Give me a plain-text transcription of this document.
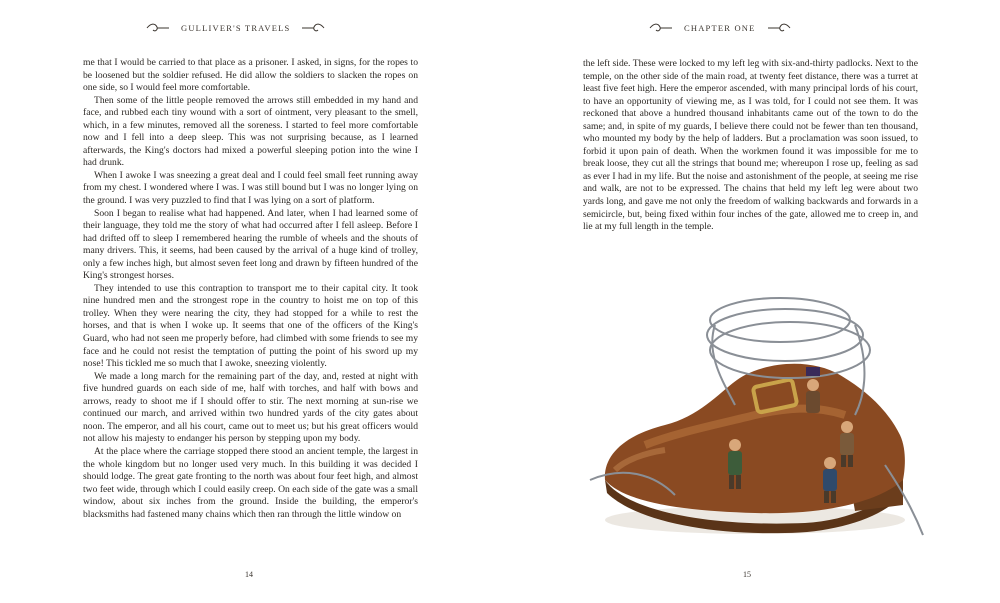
GULLIVER'S TRAVELS

me that I would be carried to that place as a prisoner. I asked, in signs, for the ropes to be loosened but the soldier refused. He did allow the soldiers to slacken the ropes on one side, so I would feel more comfortable.

Then some of the little people removed the arrows still embedded in my hand and face, and rubbed each tiny wound with a sort of ointment, very pleasant to the smell, which, in a few minutes, removed all the soreness. I started to feel more comfortable now and I fell into a deep sleep. This was not surprising because, as I learned afterwards, the King's doctors had mixed a powerful sleeping potion into the wine I had drunk.

When I awoke I was sneezing a great deal and I could feel small feet running away from my chest. I wondered where I was. I was still bound but I was no longer lying on the ground. I was very puzzled to find that I was lying on a sort of platform.

Soon I began to realise what had happened. And later, when I had learned some of their language, they told me the story of what had occurred after I fell asleep. Before I had drifted off to sleep I remembered hearing the rumble of wheels and the shouts of many drivers. This, it seems, had been caused by the arrival of a huge kind of trolley, only a few inches high, but almost seven feet long and drawn by fifteen hundred of the King's strongest horses.

They intended to use this contraption to transport me to their capital city. It took nine hundred men and the strongest rope in the country to hoist me on top of this trolley. When they were nearing the city, they had stopped for a while to rest the horses, and that is when I woke up. It seems that one of the officers of the King's Guard, who had not seen me properly before, had climbed with some friends to see my face and he could not resist the temptation of putting the point of his sword up my nose! This tickled me so much that I awoke, sneezing violently.

We made a long march for the remaining part of the day, and, rested at night with five hundred guards on each side of me, half with torches, and half with bows and arrows, ready to shoot me if I should offer to stir. The next morning at sun-rise we continued our march, and arrived within two hundred yards of the city gates about noon. The emperor, and all his court, came out to meet us; but his great officers would not allow his majesty to endanger his person by stepping upon my body.

At the place where the carriage stopped there stood an ancient temple, the largest in the whole kingdom but no longer used very much. In this building it was decided I should lodge. The great gate fronting to the north was about four feet high, and almost two feet wide, through which I could easily creep. On each side of the gate was a small window, about six inches from the ground. Inside the building, the emperor's blacksmiths had fastened many chains which then ran through the little window on

14
CHAPTER ONE

the left side. These were locked to my left leg with six-and-thirty padlocks. Next to the temple, on the other side of the main road, at twenty feet distance, there was a turret at least five feet high. Here the emperor ascended, with many principal lords of his court, to have an opportunity of viewing me, as I was told, for I could not see them. It was reckoned that above a hundred thousand inhabitants came out of the town to do the same; and, in spite of my guards, I believe there could not be fewer than ten thousand, who mounted my body by the help of ladders. But a proclamation was soon issued, to forbid it upon pain of death. When the workmen found it was impossible for me to break loose, they cut all the strings that bound me; whereupon I rose up, feeling as sad as ever I had in my life. But the noise and astonishment of the people, at seeing me rise and walk, are not to be expressed. The chains that held my left leg were about two yards long, and gave me not only the freedom of walking backwards and forwards in a semicircle, but, being fixed within four inches of the gate, allowed me to creep in, and lie at my full length in the temple.

15
